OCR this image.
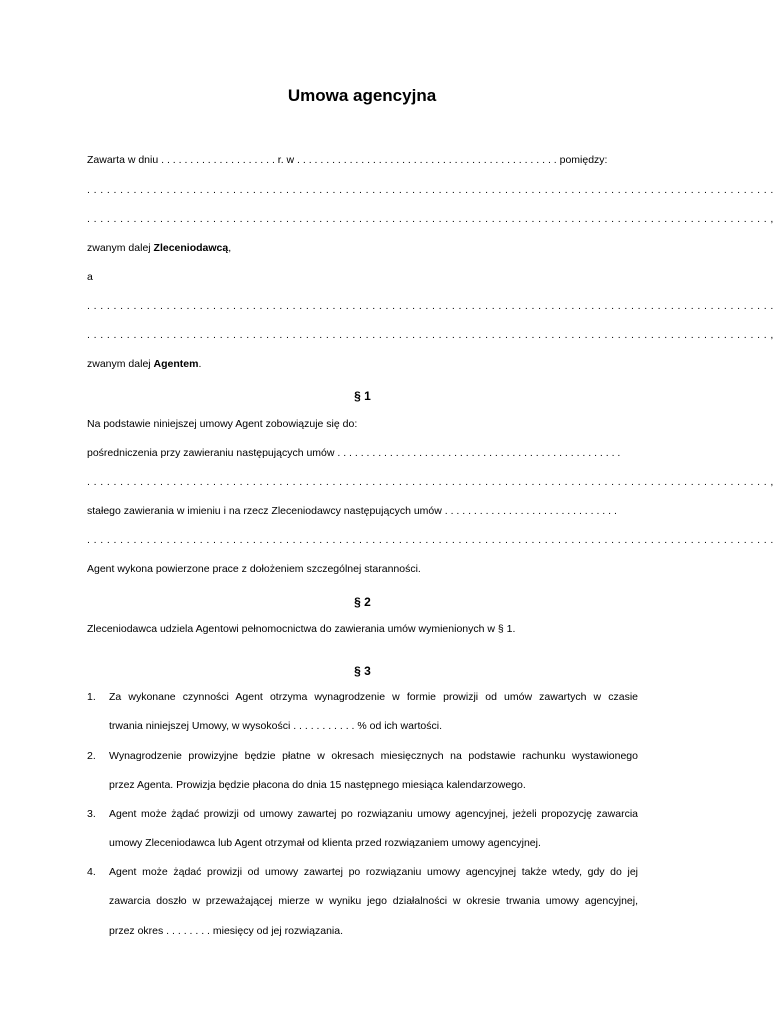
Umowa agencyjna
Zawarta w dniu . . . . . . . . . . . . . . . . . . . . r. w . . . . . . . . . . . . . . . . . . . . . . . . . . . . . . . . . . . . . . . . . . . . . pomiędzy:
. . . . . . . . . . . . . . . . . . . . . . . . . . . . . . . . . . . . . . . . . . . . . . . . . . . . . . . . . . . . . . . . . . . . . . . . . . . . . . . . . . . . . . . . . . . . . . . . . . . . . . . .
. . . . . . . . . . . . . . . . . . . . . . . . . . . . . . . . . . . . . . . . . . . . . . . . . . . . . . . . . . . . . . . . . . . . . . . . . . . . . . . . . . . . . . . . . . . . . . . . . . . . . . . ,
zwanym dalej Zleceniodawcą,
a
. . . . . . . . . . . . . . . . . . . . . . . . . . . . . . . . . . . . . . . . . . . . . . . . . . . . . . . . . . . . . . . . . . . . . . . . . . . . . . . . . . . . . . . . . . . . . . . . . . . . . . . .
. . . . . . . . . . . . . . . . . . . . . . . . . . . . . . . . . . . . . . . . . . . . . . . . . . . . . . . . . . . . . . . . . . . . . . . . . . . . . . . . . . . . . . . . . . . . . . . . . . . . . . . ,
zwanym dalej Agentem.
§ 1
Na podstawie niniejszej umowy Agent zobowiązuje się do:
pośredniczenia przy zawieraniu następujących umów . . . . . . . . . . . . . . . . . . . . . . . . . . . . . . . . . . . . . . . . . . . . . . . . .
. . . . . . . . . . . . . . . . . . . . . . . . . . . . . . . . . . . . . . . . . . . . . . . . . . . . . . . . . . . . . . . . . . . . . . . . . . . . . . . . . . . . . . . . . . . . . . . . . . . . . . . ,
stałego zawierania w imieniu i na rzecz Zleceniodawcy następujących umów . . . . . . . . . . . . . . . . . . . . . . . . . . . . . .
. . . . . . . . . . . . . . . . . . . . . . . . . . . . . . . . . . . . . . . . . . . . . . . . . . . . . . . . . . . . . . . . . . . . . . . . . . . . . . . . . . . . . . . . . . . . . . . . . . . . . . . .
Agent wykona powierzone prace z dołożeniem szczególnej staranności.
§ 2
Zleceniodawca udziela Agentowi pełnomocnictwa do zawierania umów wymienionych w § 1.
§ 3
1. Za wykonane czynności Agent otrzyma wynagrodzenie w formie prowizji od umów zawartych w czasie
trwania niniejszej Umowy, w wysokości . . . . . . . . . . . % od ich wartości.
2. Wynagrodzenie prowizyjne będzie płatne w okresach miesięcznych na podstawie rachunku wystawionego
przez Agenta. Prowizja będzie płacona do dnia 15 następnego miesiąca kalendarzowego.
3. Agent może żądać prowizji od umowy zawartej po rozwiązaniu umowy agencyjnej, jeżeli propozycję zawarcia
umowy Zleceniodawca lub Agent otrzymał od klienta przed rozwiązaniem umowy agencyjnej.
4. Agent może żądać prowizji od umowy zawartej po rozwiązaniu umowy agencyjnej także wtedy, gdy do jej
zawarcia doszło w przeważającej mierze w wyniku jego działalności w okresie trwania umowy agencyjnej,
przez okres . . . . . . . . miesięcy od jej rozwiązania.
